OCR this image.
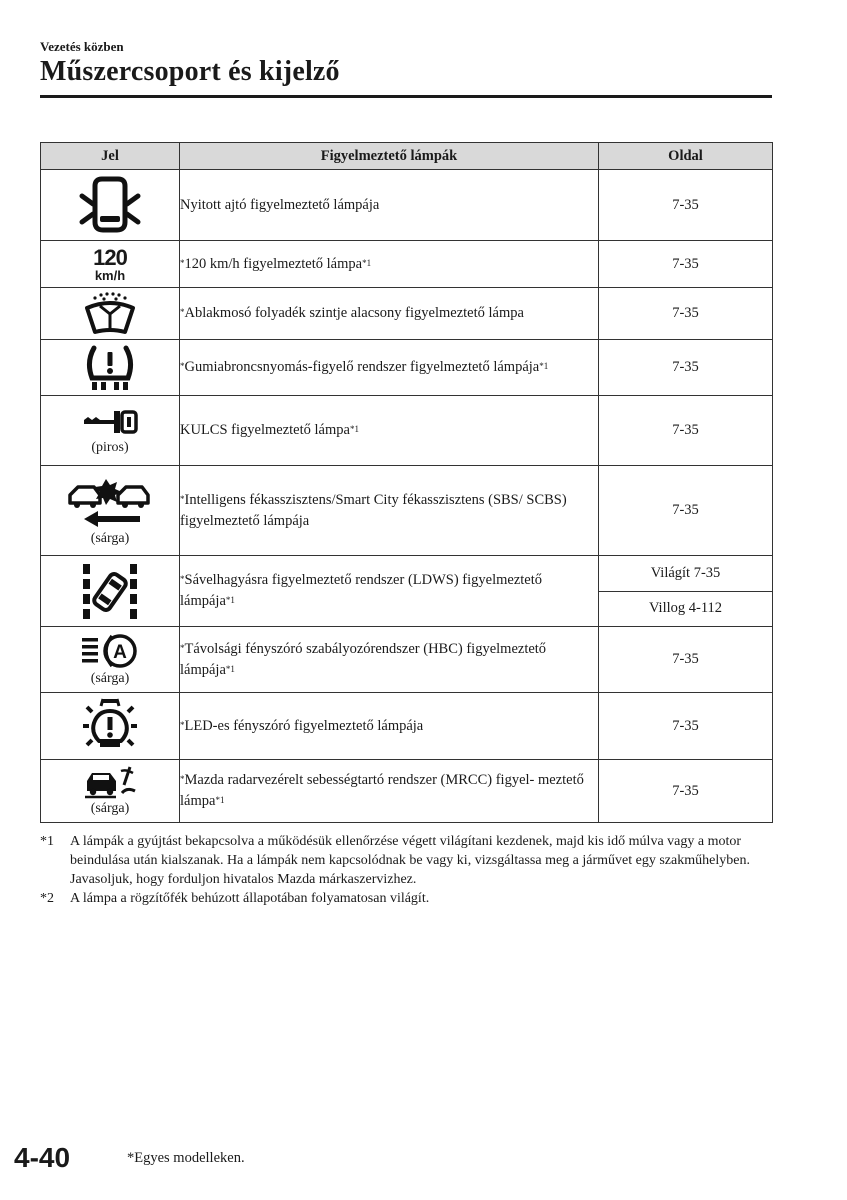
Vezetés közben
Műszercsoport és kijelző
Jel	Figyelmeztető lámpák	Oldal

	Nyitott ajtó figyelmeztető lámpája	7-35

120
km/h	*120 km/h figyelmeztető lámpa$^{*1}$	7-35

	*Ablakmosó folyadék szintje alacsony figyelmeztető lámpa	7-35

	*Gumiabroncsnyomás-figyelő rendszer figyelmeztető lámpája$^{*1}$	7-35

(piros)	KULCS figyelmeztető lámpa$^{*1}$	7-35

(sárga)	*Intelligens fékasszisztens/Smart City fékasszisztens (SBS/ SCBS) figyelmeztető lámpája	7-35

	*Sávelhagyásra figyelmeztető rendszer (LDWS) figyelmeztető lámpája$^{*1}$	Világít 7-35
Villog 4-112

A
(sárga)	*Távolsági fényszóró szabályozórendszer (HBC) figyelmeztető lámpája$^{*1}$	7-35

	*LED-es fényszóró figyelmeztető lámpája	7-35

(sárga)	*Mazda radarvezérelt sebességtartó rendszer (MRCC) figyel- meztető lámpa$^{*1}$	7-35
*1	A lámpák a gyújtást bekapcsolva a működésük ellenőrzése végett világítani kezdenek, majd kis idő múlva vagy a motor beindulása után kialszanak. Ha a lámpák nem kapcsolódnak be vagy ki, vizsgáltassa meg a járművet egy szakműhelyben. Javasoljuk, hogy forduljon hivatalos Mazda márkaszervizhez.
*2	A lámpa a rögzítőfék behúzott állapotában folyamatosan világít.
4-40	*Egyes modelleken.
